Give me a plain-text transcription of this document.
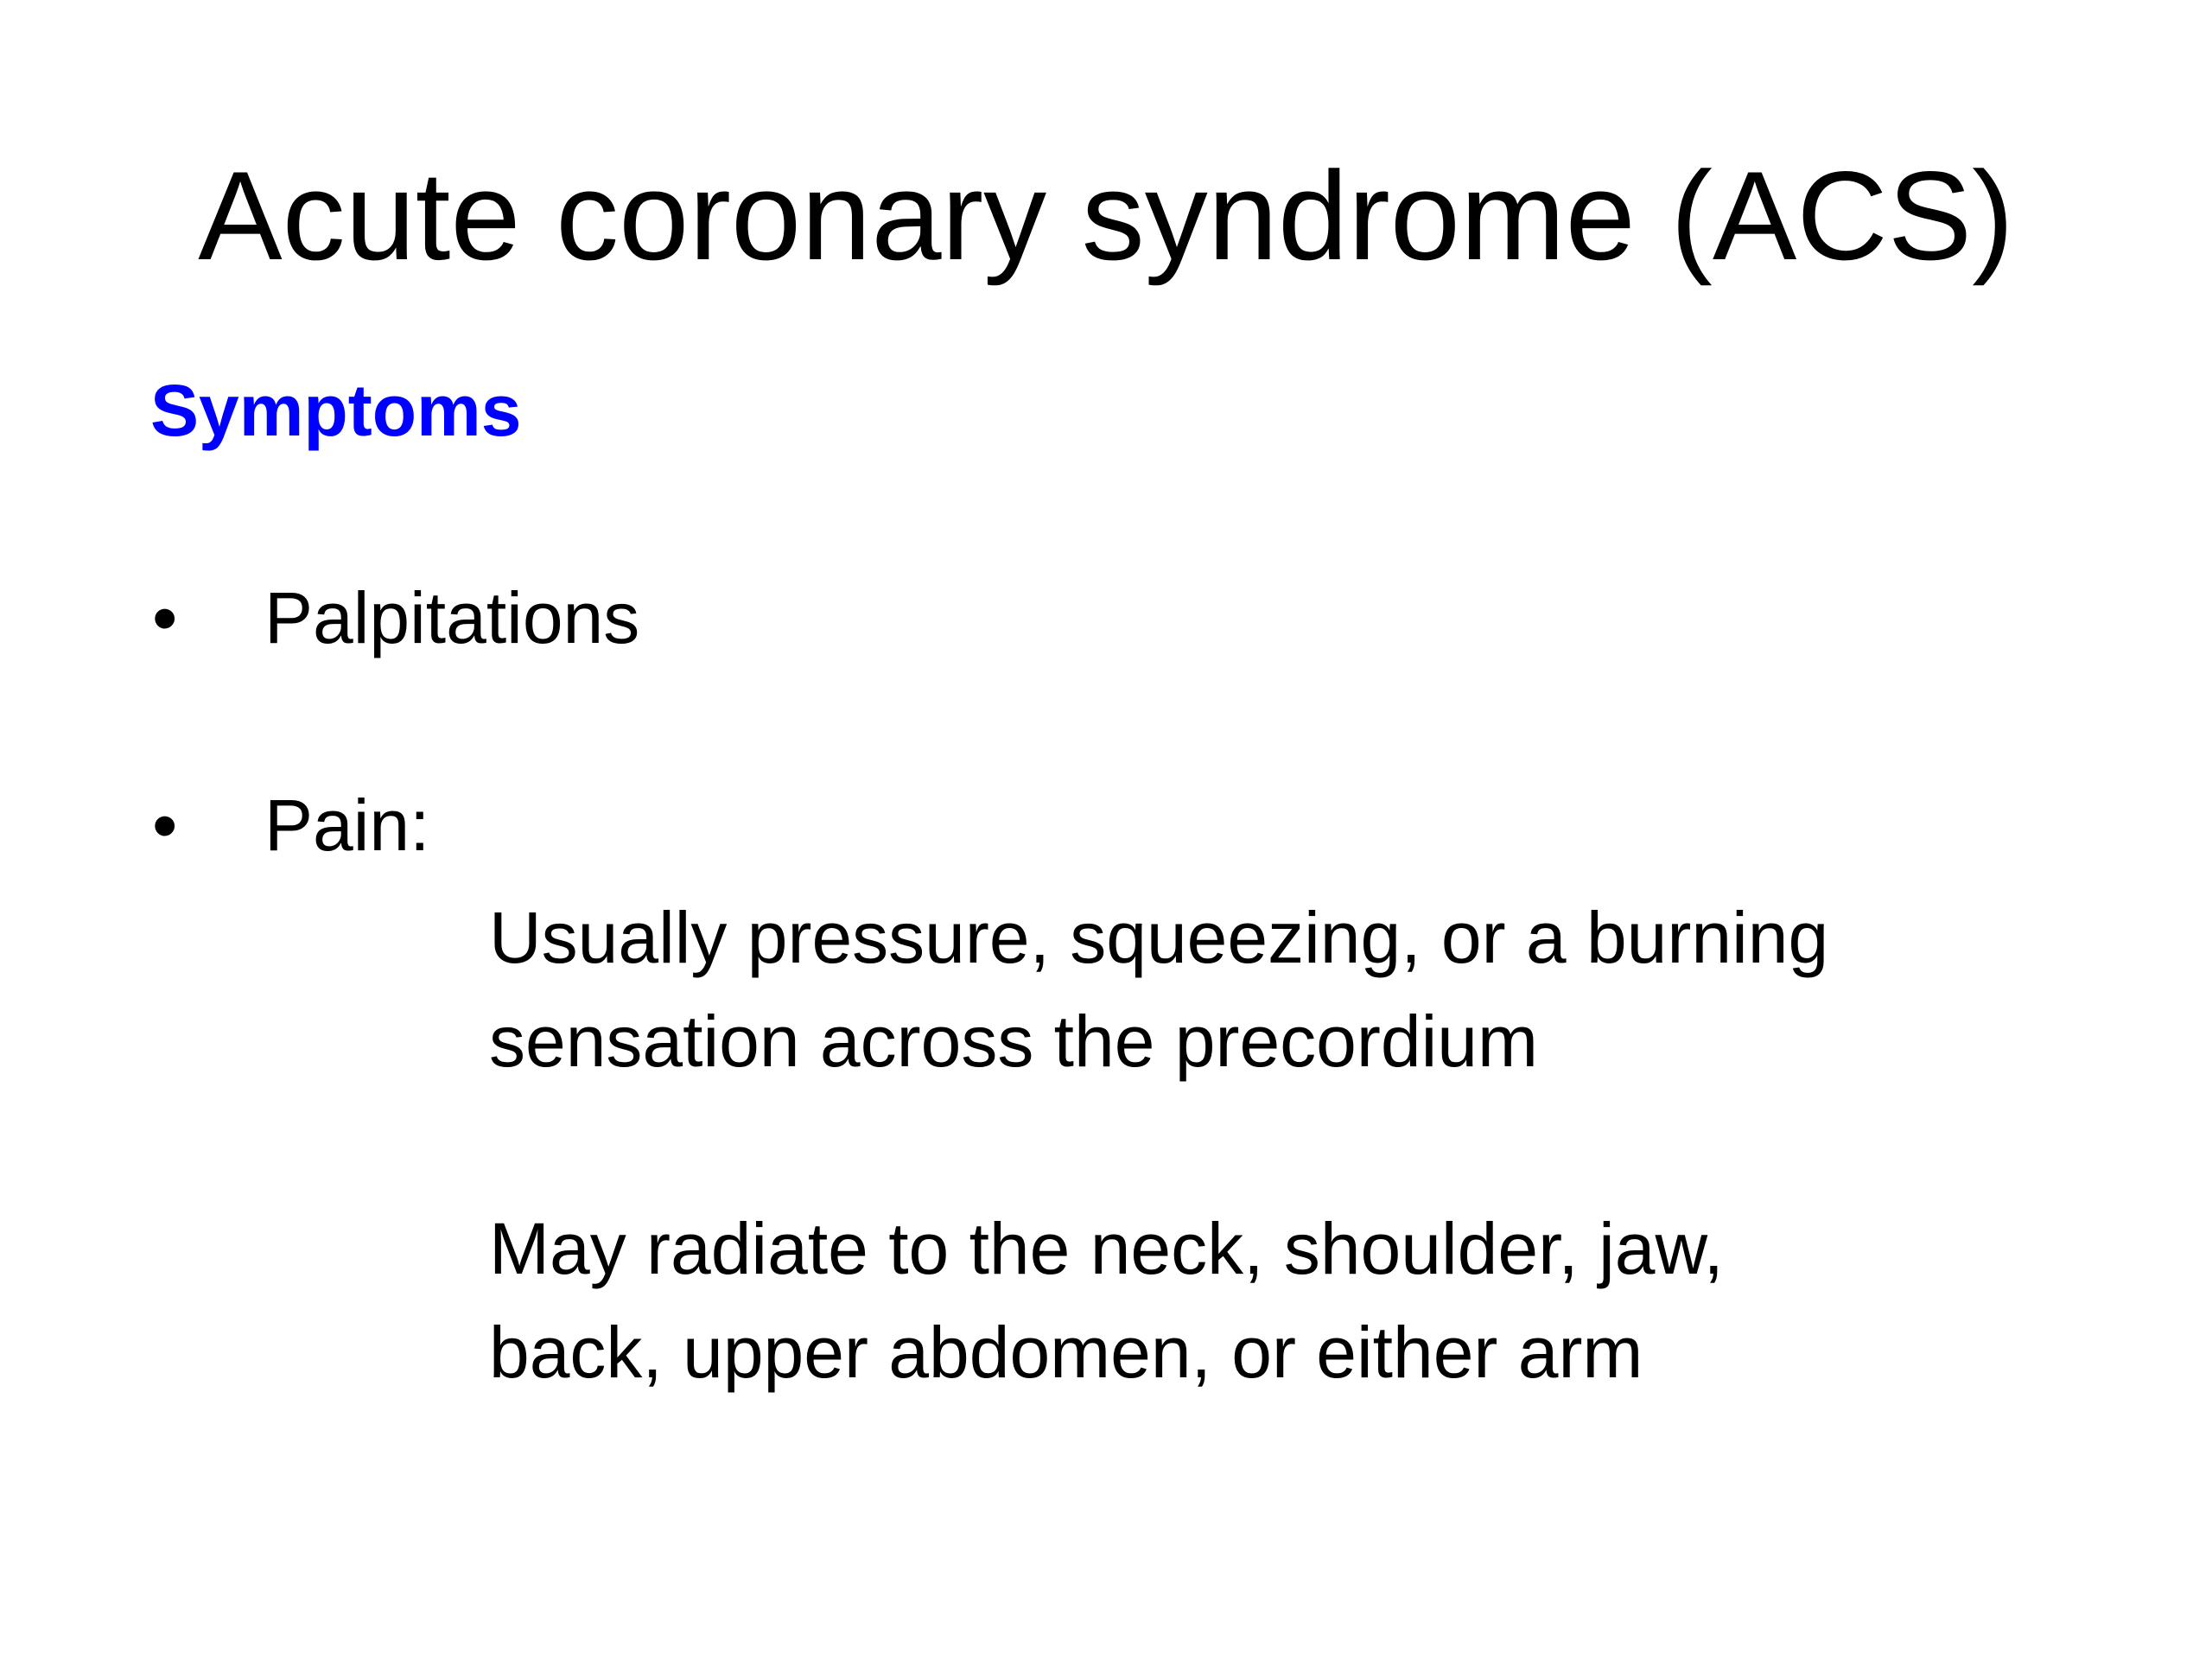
Acute coronary syndrome (ACS)
Symptoms
• Palpitations
• Pain:
Usually pressure, squeezing, or a burning
sensation across the precordium
May radiate to the neck, shoulder, jaw,
back, upper abdomen, or either arm
